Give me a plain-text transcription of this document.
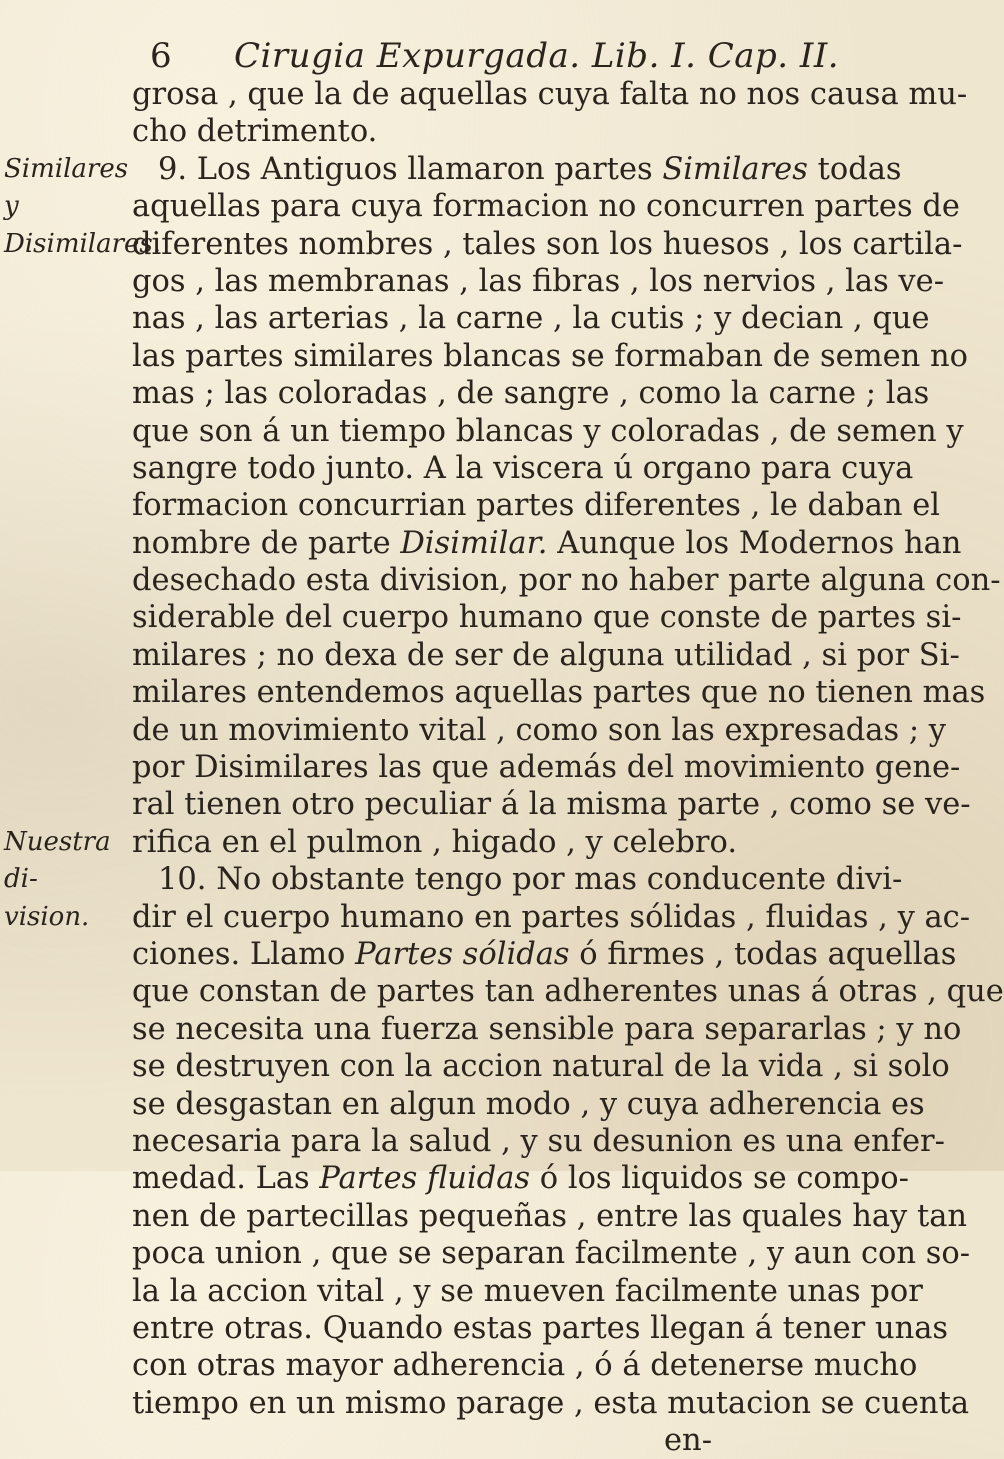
6 Cirugia Expurgada. Lib. I. Cap. II.
Similares y
Disimilares.
Nuestra di-
vision.
grosa , que la de aquellas cuya falta no nos causa mu-
cho detrimento.
9. Los Antiguos llamaron partes Similares todas
aquellas para cuya formacion no concurren partes de
diferentes nombres , tales son los huesos , los cartila-
gos , las membranas , las fibras , los nervios , las ve-
nas , las arterias , la carne , la cutis ; y decian , que
las partes similares blancas se formaban de semen no
mas ; las coloradas , de sangre , como la carne ; las
que son á un tiempo blancas y coloradas , de semen y
sangre todo junto. A la viscera ú organo para cuya
formacion concurrian partes diferentes , le daban el
nombre de parte Disimilar. Aunque los Modernos han
desechado esta division, por no haber parte alguna con-
siderable del cuerpo humano que conste de partes si-
milares ; no dexa de ser de alguna utilidad , si por Si-
milares entendemos aquellas partes que no tienen mas
de un movimiento vital , como son las expresadas ; y
por Disimilares las que además del movimiento gene-
ral tienen otro peculiar á la misma parte , como se ve-
rifica en el pulmon , higado , y celebro.
10. No obstante tengo por mas conducente divi-
dir el cuerpo humano en partes sólidas , fluidas , y ac-
ciones. Llamo Partes sólidas ó firmes , todas aquellas
que constan de partes tan adherentes unas á otras , que
se necesita una fuerza sensible para separarlas ; y no
se destruyen con la accion natural de la vida , si solo
se desgastan en algun modo , y cuya adherencia es
necesaria para la salud , y su desunion es una enfer-
medad. Las Partes fluidas ó los liquidos se compo-
nen de partecillas pequeñas , entre las quales hay tan
poca union , que se separan facilmente , y aun con so-
la la accion vital , y se mueven facilmente unas por
entre otras. Quando estas partes llegan á tener unas
con otras mayor adherencia , ó á detenerse mucho
tiempo en un mismo parage , esta mutacion se cuenta
en-
